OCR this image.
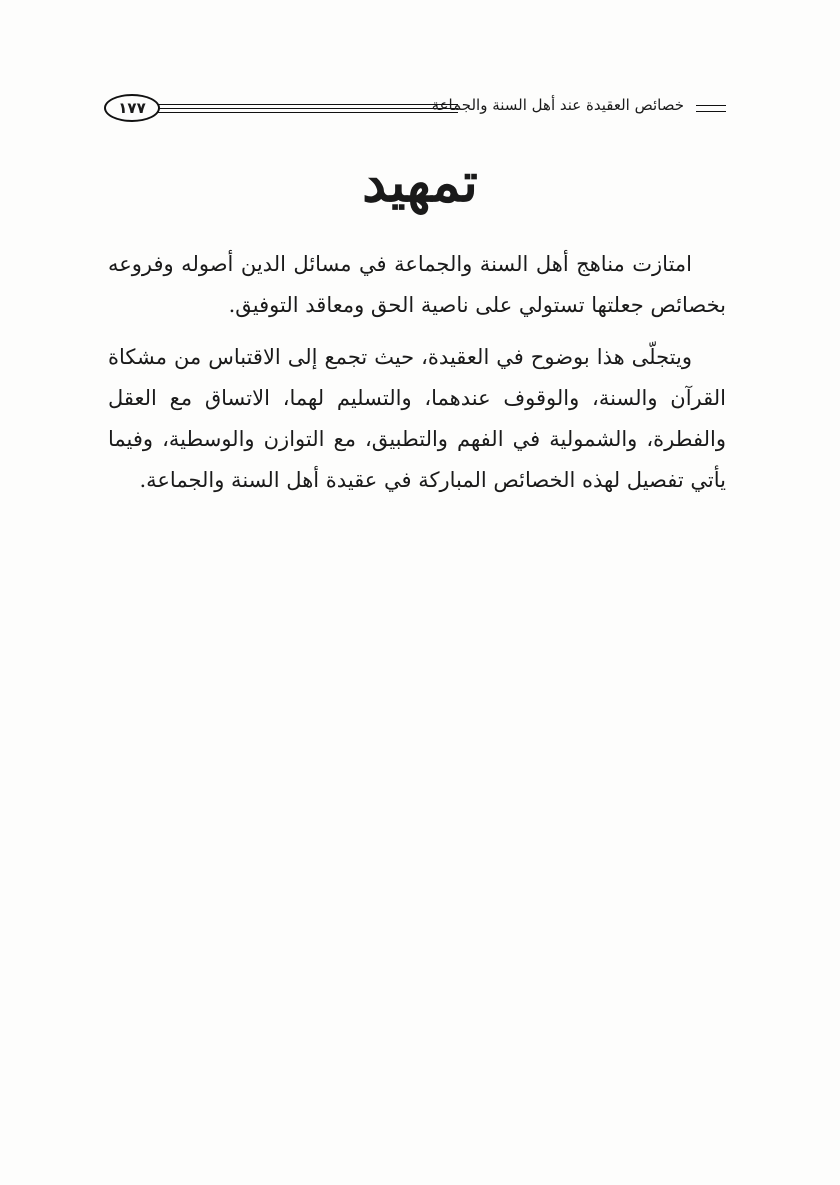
١٧٧	خصائص العقيدة عند أهل السنة والجماعة
تمهيد

امتازت مناهج أهل السنة والجماعة في مسائل الدين أصوله وفروعه بخصائص جعلتها تستولي على ناصية الحق ومعاقد التوفيق.

ويتجلّى هذا بوضوح في العقيدة، حيث تجمع إلى الاقتباس من مشكاة القرآن والسنة، والوقوف عندهما، والتسليم لهما، الاتساق مع العقل والفطرة، والشمولية في الفهم والتطبيق، مع التوازن والوسطية، وفيما يأتي تفصيل لهذه الخصائص المباركة في عقيدة أهل السنة والجماعة.
